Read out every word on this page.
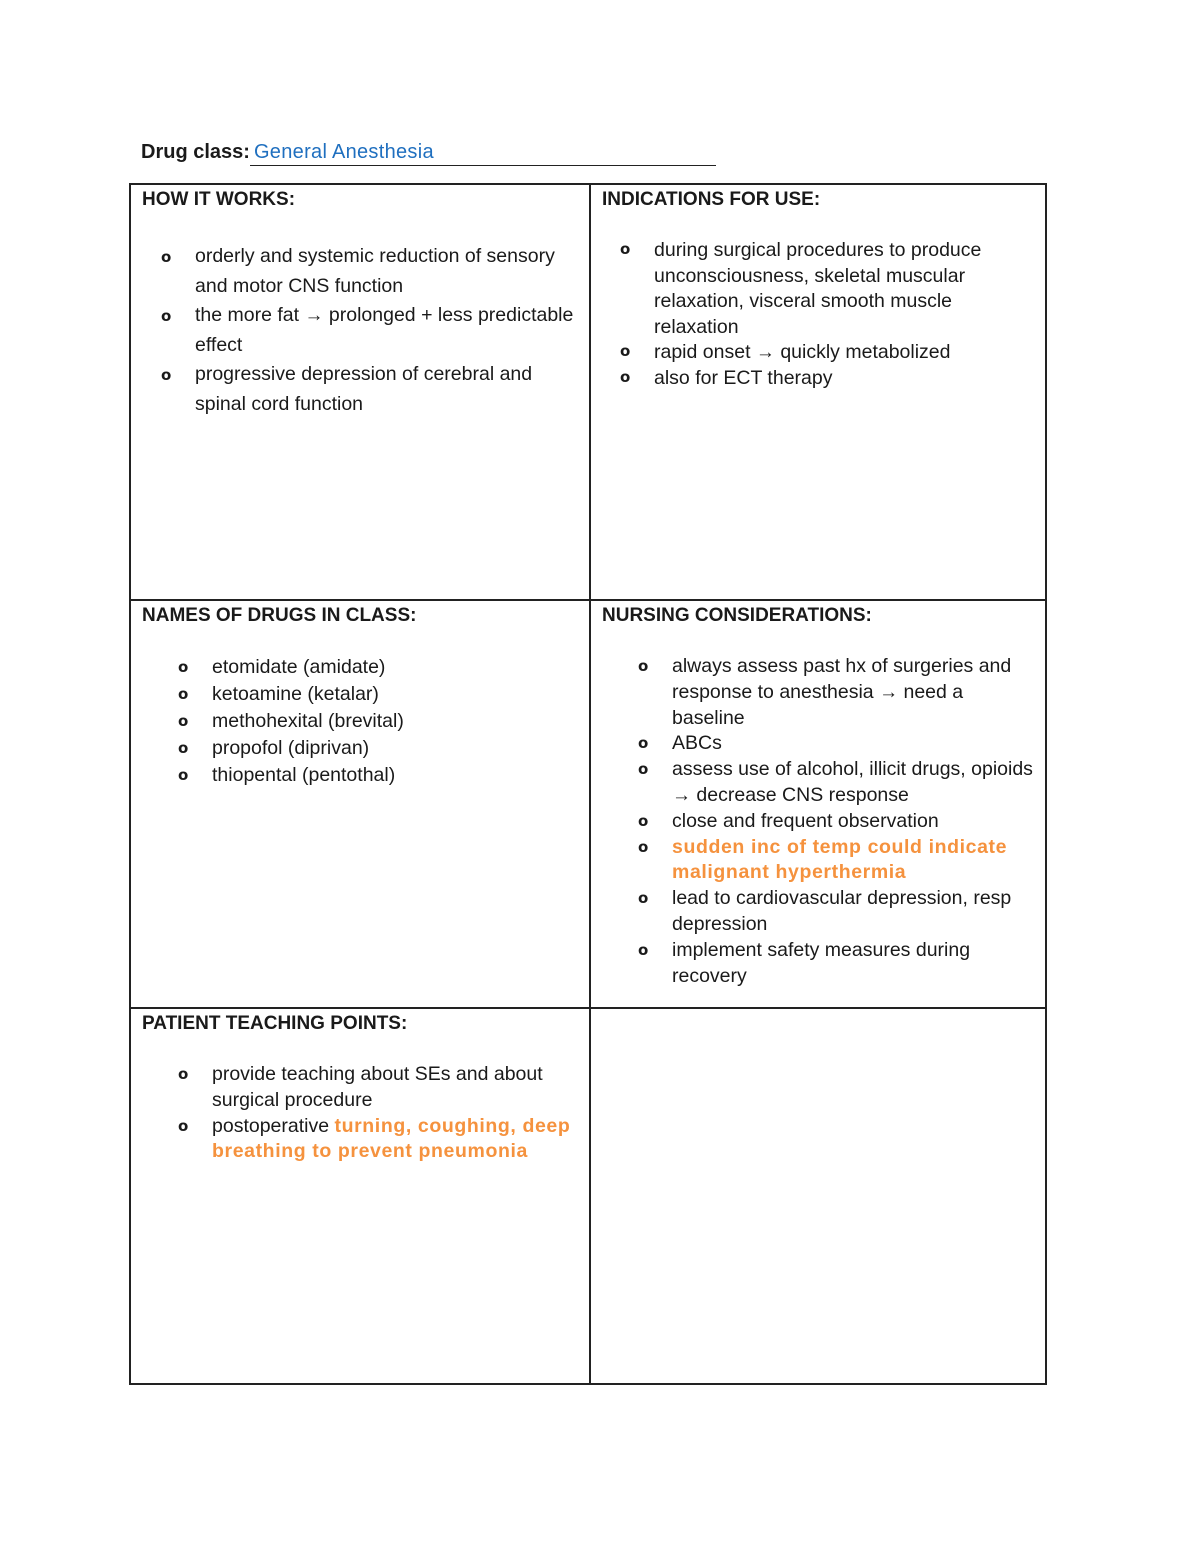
Drug class: General Anesthesia

HOW IT WORKS:

o orderly and systemic reduction of sensory and motor CNS function
o the more fat → prolonged + less predictable effect
o progressive depression of cerebral and spinal cord function

INDICATIONS FOR USE:

o during surgical procedures to produce unconsciousness, skeletal muscular relaxation, visceral smooth muscle relaxation
o rapid onset → quickly metabolized
o also for ECT therapy

NAMES OF DRUGS IN CLASS:

o etomidate (amidate)
o ketoamine (ketalar)
o methohexital (brevital)
o propofol (diprivan)
o thiopental (pentothal)

NURSING CONSIDERATIONS:

o always assess past hx of surgeries and response to anesthesia → need a baseline
o ABCs
o assess use of alcohol, illicit drugs, opioids → decrease CNS response
o close and frequent observation
o sudden inc of temp could indicate malignant hyperthermia
o lead to cardiovascular depression, resp depression
o implement safety measures during recovery

PATIENT TEACHING POINTS:

o provide teaching about SEs and about surgical procedure
o postoperative turning, coughing, deep breathing to prevent pneumonia
